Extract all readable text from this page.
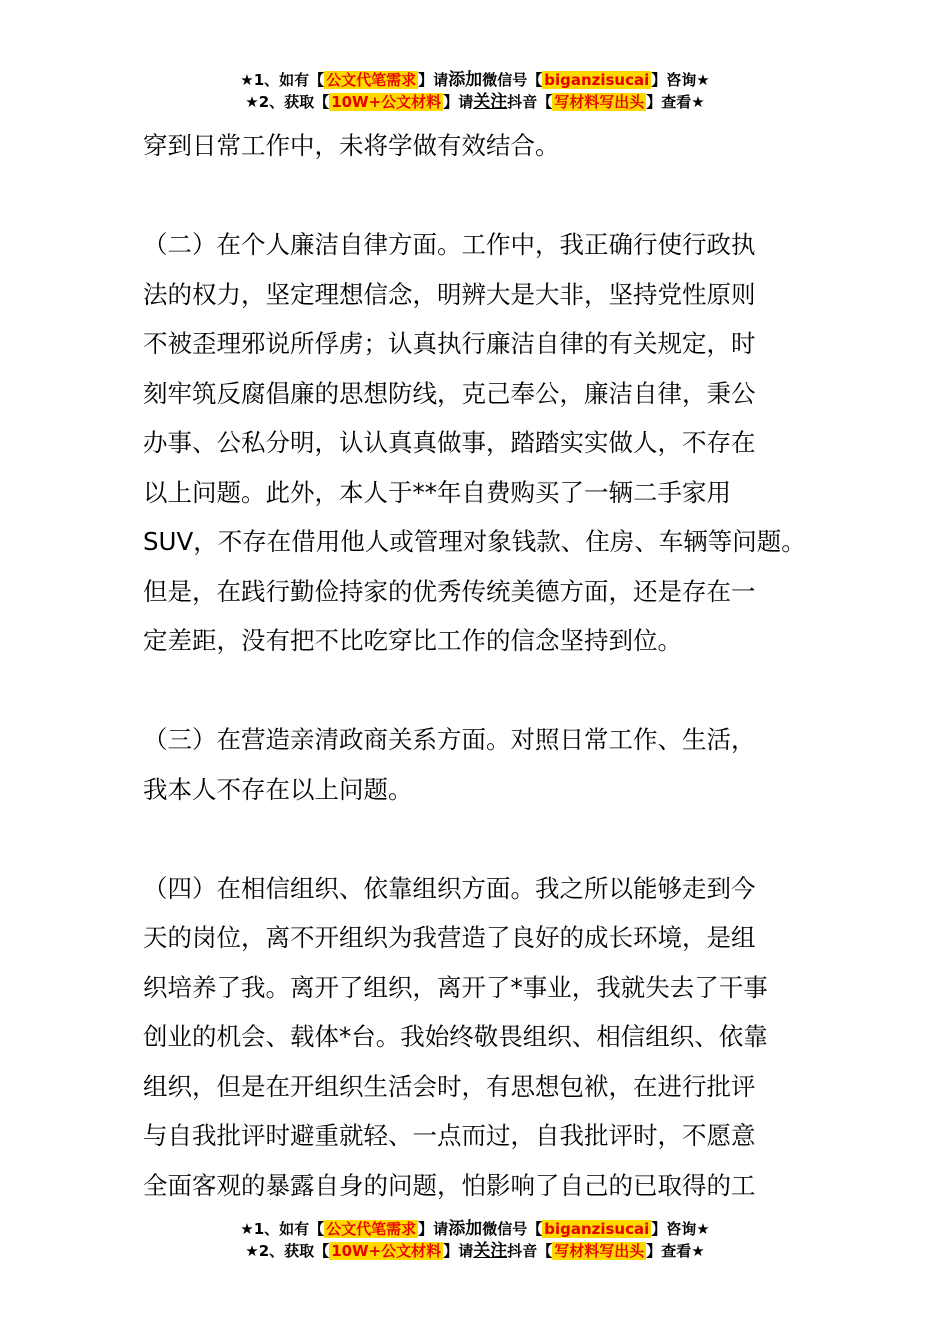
★1、如有【 公文代笔需求 】请添加微信号【 biganzisucai 】咨询★
★2、获取【 10W+公文材料 】请关注抖音【 写材料写出头 】查看★

穿到日常工作中，未将学做有效结合。

（二）在个人廉洁自律方面。工作中，我正确行使行政执
法的权力，坚定理想信念，明辨大是大非，坚持党性原则
不被歪理邪说所俘虏；认真执行廉洁自律的有关规定，时
刻牢筑反腐倡廉的思想防线，克己奉公，廉洁自律，秉公
办事、公私分明，认认真真做事，踏踏实实做人，不存在
以上问题。此外，本人于**年自费购买了一辆二手家用
SUV，不存在借用他人或管理对象钱款、住房、车辆等问题。
但是，在践行勤俭持家的优秀传统美德方面，还是存在一
定差距，没有把不比吃穿比工作的信念坚持到位。

（三）在营造亲清政商关系方面。对照日常工作、生活，
我本人不存在以上问题。

（四）在相信组织、依靠组织方面。我之所以能够走到今
天的岗位，离不开组织为我营造了良好的成长环境，是组
织培养了我。离开了组织，离开了*事业，我就失去了干事
创业的机会、载体*台。我始终敬畏组织、相信组织、依靠
组织，但是在开组织生活会时，有思想包袱，在进行批评
与自我批评时避重就轻、一点而过，自我批评时，不愿意
全面客观的暴露自身的问题，怕影响了自己的已取得的工

★1、如有【 公文代笔需求 】请添加微信号【 biganzisucai 】咨询★
★2、获取【 10W+公文材料 】请关注抖音【 写材料写出头 】查看★
